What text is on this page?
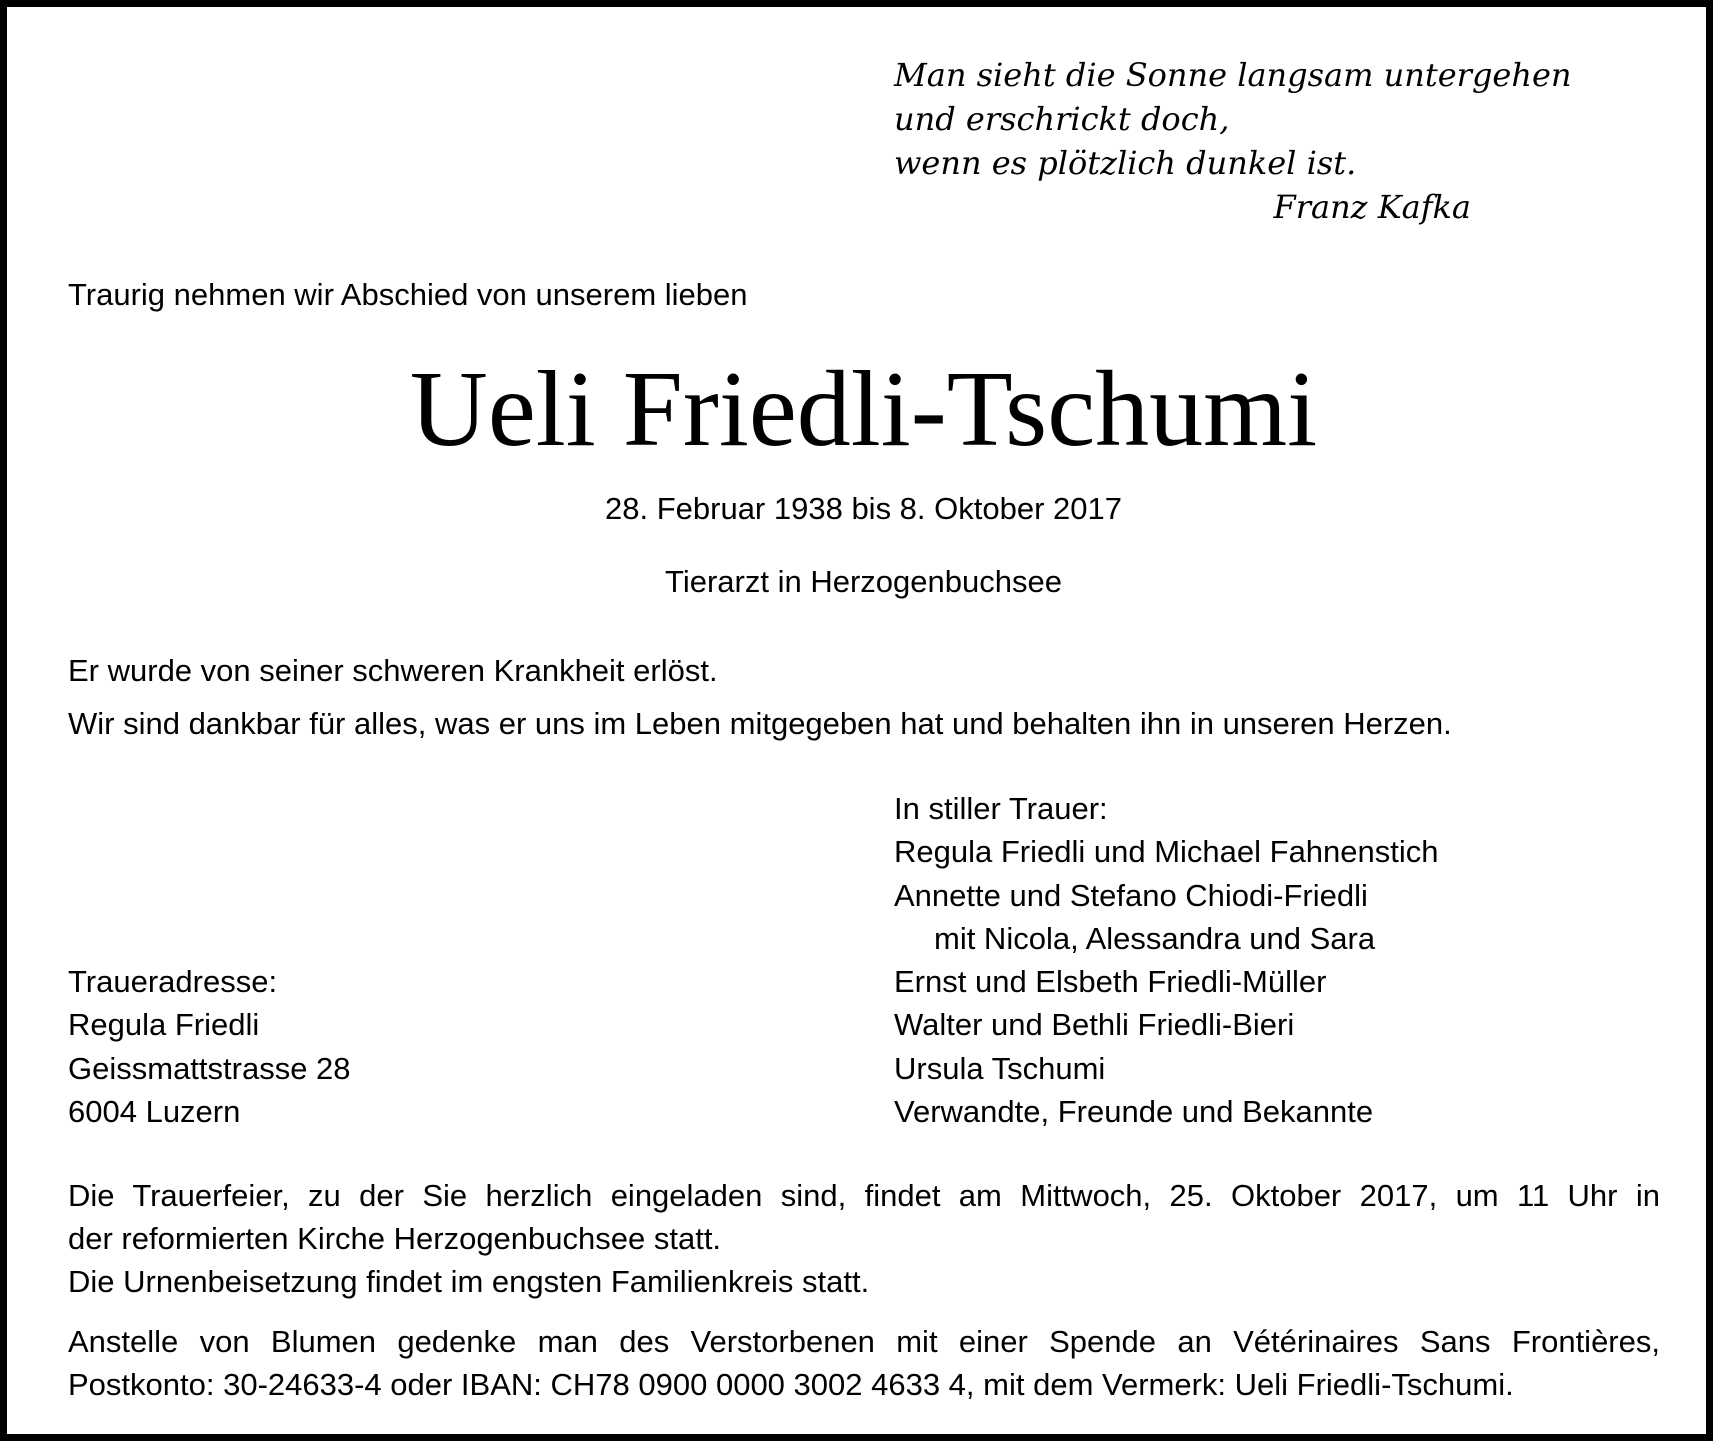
Man sieht die Sonne langsam untergehen
und erschrickt doch,
wenn es plötzlich dunkel ist.
Franz Kafka
Traurig nehmen wir Abschied von unserem lieben
Ueli Friedli-Tschumi
28. Februar 1938 bis 8. Oktober 2017
Tierarzt in Herzogenbuchsee
Er wurde von seiner schweren Krankheit erlöst.
Wir sind dankbar für alles, was er uns im Leben mitgegeben hat und behalten ihn in unseren Herzen.
In stiller Trauer:
Regula Friedli und Michael Fahnenstich
Annette und Stefano Chiodi-Friedli
mit Nicola, Alessandra und Sara
Ernst und Elsbeth Friedli-Müller
Walter und Bethli Friedli-Bieri
Ursula Tschumi
Verwandte, Freunde und Bekannte
Traueradresse:
Regula Friedli
Geissmattstrasse 28
6004 Luzern
Die Trauerfeier, zu der Sie herzlich eingeladen sind, findet am Mittwoch, 25. Oktober 2017, um 11 Uhr in
der reformierten Kirche Herzogenbuchsee statt.
Die Urnenbeisetzung findet im engsten Familienkreis statt.
Anstelle von Blumen gedenke man des Verstorbenen mit einer Spende an Vétérinaires Sans Frontières,
Postkonto: 30-24633-4 oder IBAN: CH78 0900 0000 3002 4633 4, mit dem Vermerk: Ueli Friedli-Tschumi.
